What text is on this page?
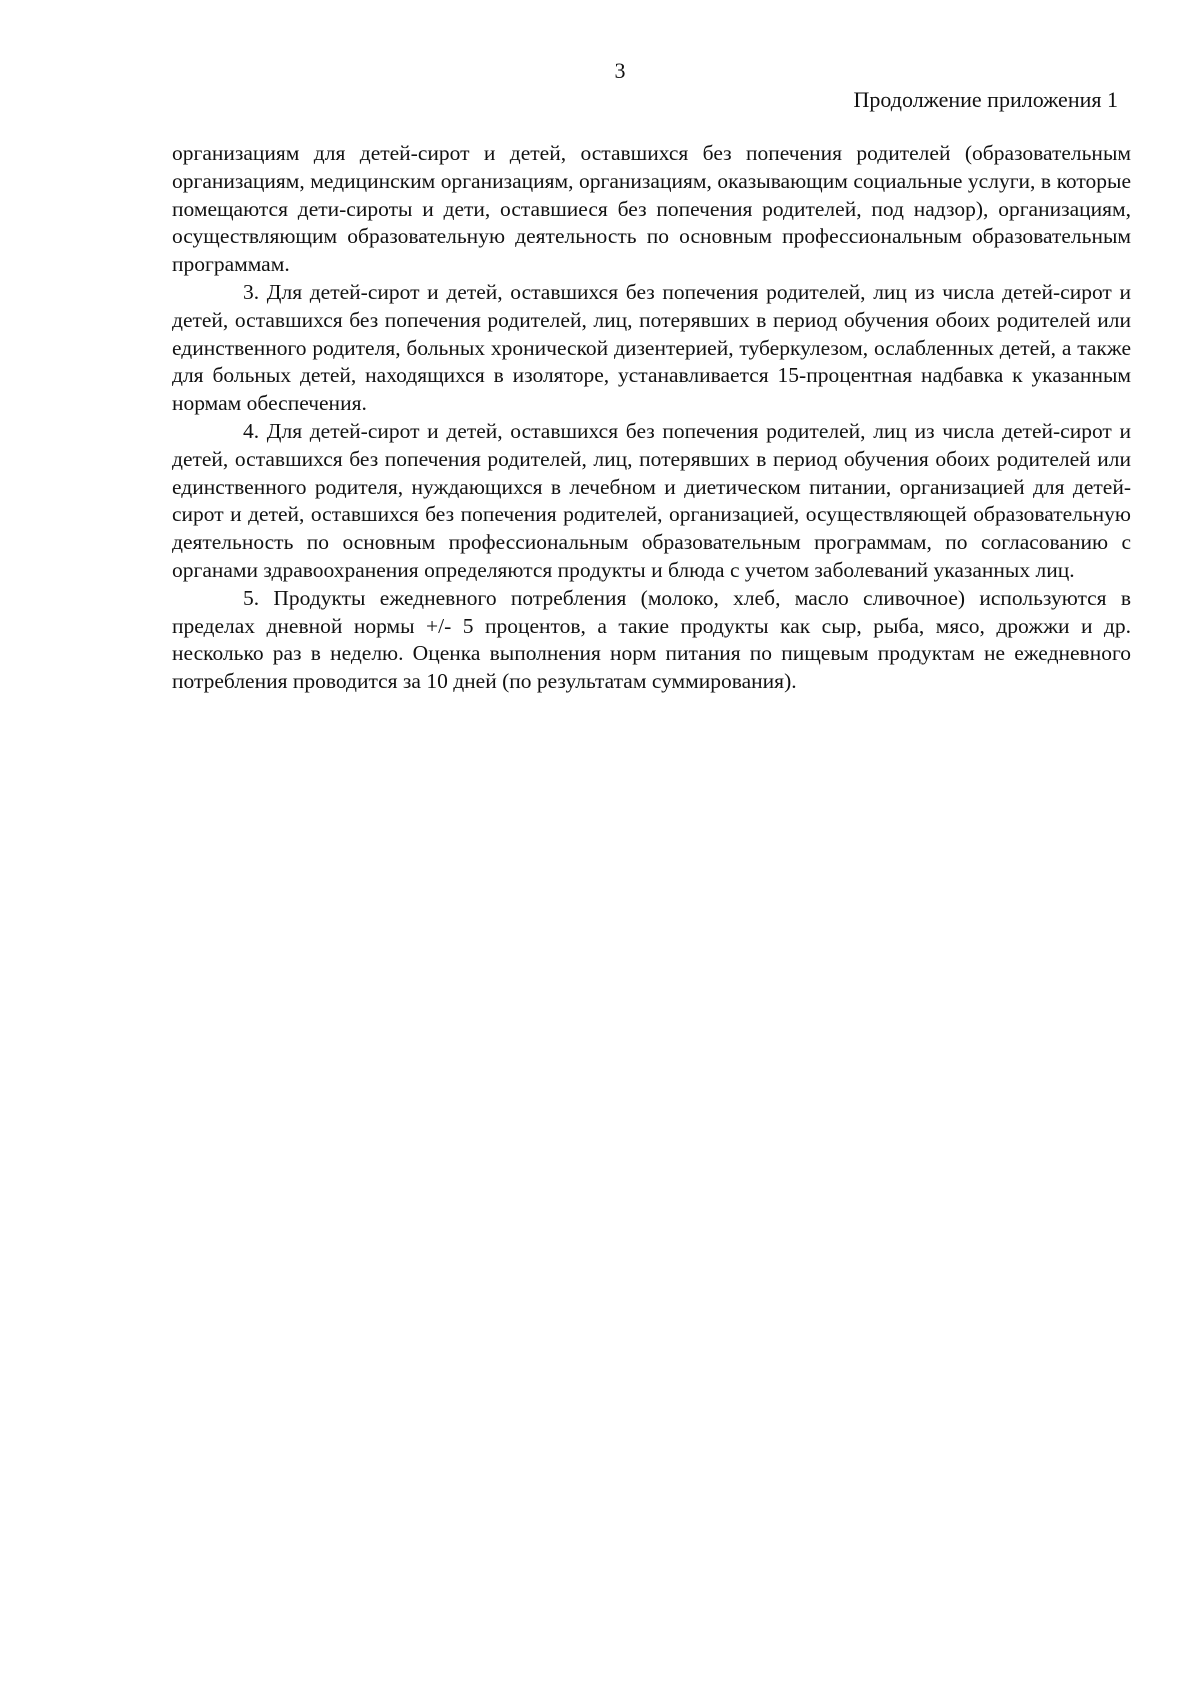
3
Продолжение приложения 1

организациям для детей-сирот и детей, оставшихся без попечения родителей (образовательным организациям, медицинским организациям, организациям, оказывающим социальные услуги, в которые помещаются дети-сироты и дети, оставшиеся без попечения родителей, под надзор), организациям, осуществляющим образовательную деятельность по основным профессиональным образовательным программам.

3. Для детей-сирот и детей, оставшихся без попечения родителей, лиц из числа детей-сирот и детей, оставшихся без попечения родителей, лиц, потерявших в период обучения обоих родителей или единственного родителя, больных хронической дизентерией, туберкулезом, ослабленных детей, а также для больных детей, находящихся в изоляторе, устанавливается 15-процентная надбавка к указанным нормам обеспечения.

4. Для детей-сирот и детей, оставшихся без попечения родителей, лиц из числа детей-сирот и детей, оставшихся без попечения родителей, лиц, потерявших в период обучения обоих родителей или единственного родителя, нуждающихся в лечебном и диетическом питании, организацией для детей-сирот и детей, оставшихся без попечения родителей, организацией, осуществляющей образовательную деятельность по основным профессиональным образовательным программам, по согласованию с органами здравоохранения определяются продукты и блюда с учетом заболеваний указанных лиц.

5. Продукты ежедневного потребления (молоко, хлеб, масло сливочное) используются в пределах дневной нормы +/- 5 процентов, а такие продукты как сыр, рыба, мясо, дрожжи и др. несколько раз в неделю. Оценка выполнения норм питания по пищевым продуктам не ежедневного потребления проводится за 10 дней (по результатам суммирования).
